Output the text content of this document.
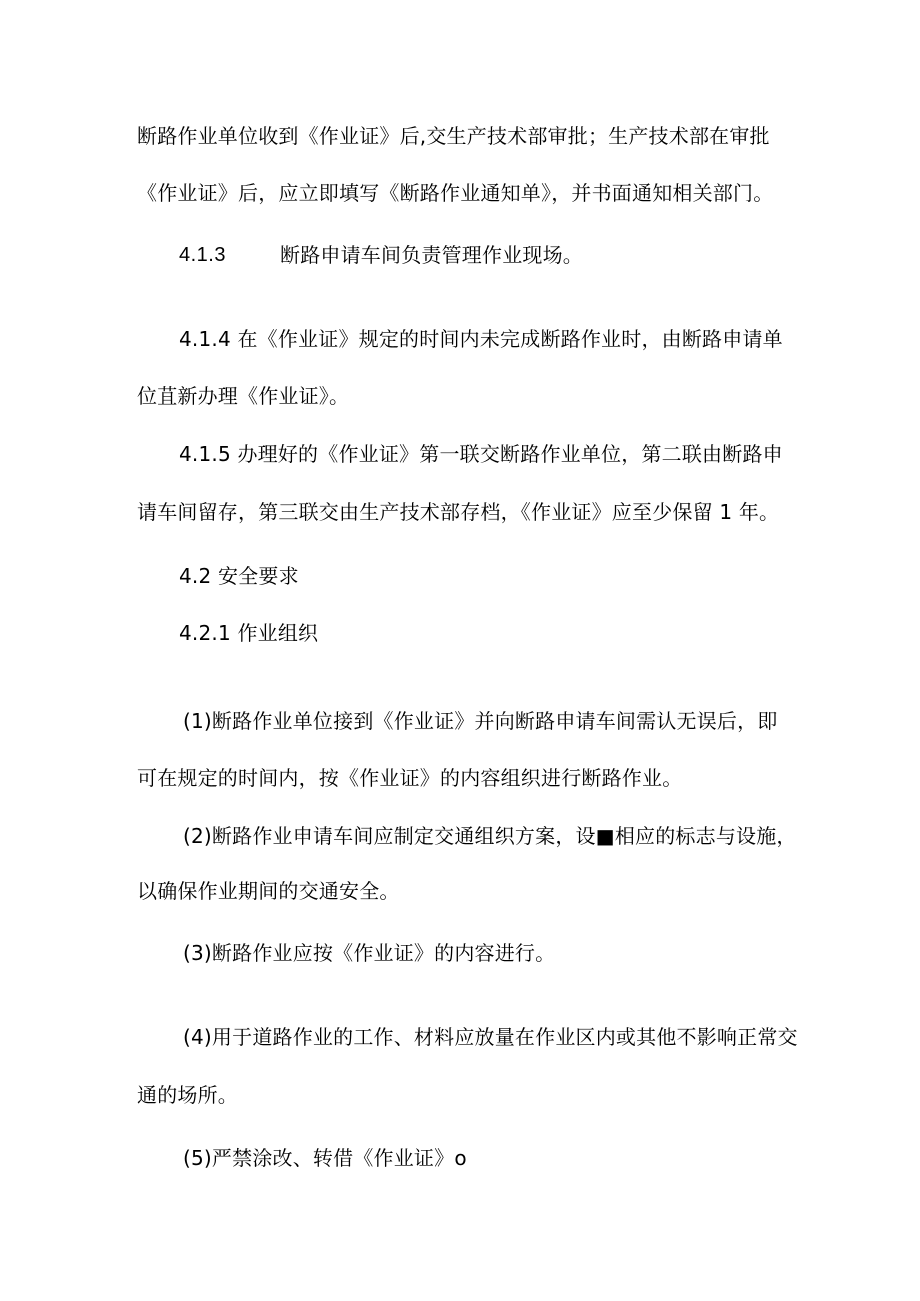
断路作业单位收到《作业证》后,交生产技术部审批；生产技术部在审批
《作业证》后，应立即填写《断路作业通知单》，并书面通知相关部门。
4.1.3	断路申请车间负责管理作业现场。
4.1.4 在《作业证》规定的时间内未完成断路作业时，由断路申请单
位苴新办理《作业证》。
4.1.5 办理好的《作业证》第一联交断路作业单位，第二联由断路申
请车间留存，第三联交由生产技术部存档，《作业证》应至少保留 1 年。
4.2 安全要求
4.2.1 作业组织
(1)断路作业单位接到《作业证》并向断路申请车间需认无误后，即
可在规定的时间内，按《作业证》的内容组织进行断路作业。
(2)断路作业申请车间应制定交通组织方案，设■相应的标志与设施，
以确保作业期间的交通安全。
(3)断路作业应按《作业证》的内容进行。
(4)用于道路作业的工作、材料应放量在作业区内或其他不影响正常交
通的场所。
(5)严禁涂改、转借《作业证》o
